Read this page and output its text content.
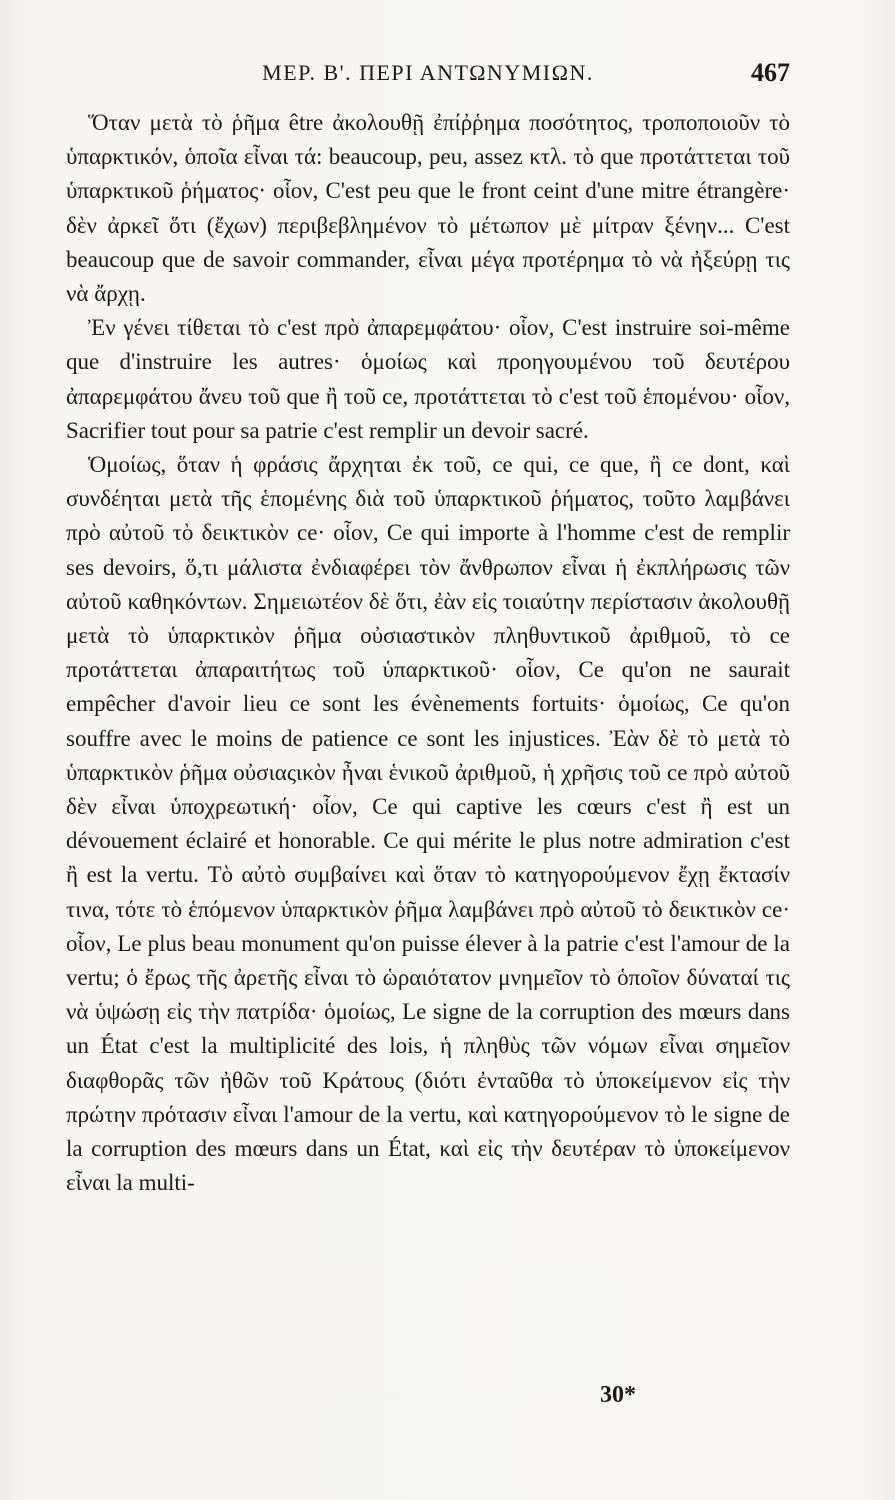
ΜΕΡ. Β'. ΠΕΡΙ ΑΝΤΩΝΥΜΙΩΝ.	467

Ὅταν μετὰ τὸ ῥῆμα être ἀκολουθῇ ἐπίῤῥημα ποσότητος, τροποποιοῦν τὸ ὑπαρκτικόν, ὁποῖα εἶναι τά: beaucoup, peu, assez κτλ. τὸ que προτάττεται τοῦ ὑπαρκτικοῦ ῥήματος· οἷον, C'est peu que le front ceint d'une mitre étrangère· δὲν ἀρκεῖ ὅτι (ἔχων) περιβεβλημένον τὸ μέτωπον μὲ μίτραν ξένην... C'est beaucoup que de savoir commander, εἶναι μέγα προτέρημα τὸ νὰ ἠξεύρῃ τις νὰ ἄρχῃ.

Ἐν γένει τίθεται τὸ c'est πρὸ ἀπαρεμφάτου· οἷον, C'est instruire soi-même que d'instruire les autres· ὁμοίως καὶ προηγουμένου τοῦ δευτέρου ἀπαρεμφάτου ἄνευ τοῦ que ἢ τοῦ ce, προτάττεται τὸ c'est τοῦ ἑπομένου· οἷον, Sacrifier tout pour sa patrie c'est remplir un devoir sacré.

Ὁμοίως, ὅταν ἡ φράσις ἄρχηται ἐκ τοῦ, ce qui, ce que, ἢ ce dont, καὶ συνδέηται μετὰ τῆς ἑπομένης διὰ τοῦ ὑπαρκτικοῦ ῥήματος, τοῦτο λαμβάνει πρὸ αὐτοῦ τὸ δεικτικὸν ce· οἷον, Ce qui importe à l'homme c'est de remplir ses devoirs, ὅ,τι μάλιστα ἐνδιαφέρει τὸν ἄνθρωπον εἶναι ἡ ἐκπλήρωσις τῶν αὐτοῦ καθηκόντων. Σημειωτέον δὲ ὅτι, ἐὰν εἰς τοιαύτην περίστασιν ἀκολουθῇ μετὰ τὸ ὑπαρκτικὸν ῥῆμα οὐσιαστικὸν πληθυντικοῦ ἀριθμοῦ, τὸ ce προτάττεται ἀπαραιτήτως τοῦ ὑπαρκτικοῦ· οἷον, Ce qu'on ne saurait empêcher d'avoir lieu ce sont les évènements fortuits· ὁμοίως, Ce qu'on souffre avec le moins de patience ce sont les injustices. Ἐὰν δὲ τὸ μετὰ τὸ ὑπαρκτικὸν ῥῆμα οὐσιαςικὸν ἦναι ἑνικοῦ ἀριθμοῦ, ἡ χρῆσις τοῦ ce πρὸ αὐτοῦ δὲν εἶναι ὑποχρεωτική· οἷον, Ce qui captive les cœurs c'est ἢ est un dévouement éclairé et honorable. Ce qui mérite le plus notre admiration c'est ἢ est la vertu. Τὸ αὐτὸ συμβαίνει καὶ ὅταν τὸ κατηγορούμενον ἔχῃ ἔκτασίν τινα, τότε τὸ ἑπόμενον ὑπαρκτικὸν ῥῆμα λαμβάνει πρὸ αὐτοῦ τὸ δεικτικὸν ce· οἷον, Le plus beau monument qu'on puisse élever à la patrie c'est l'amour de la vertu; ὁ ἔρως τῆς ἀρετῆς εἶναι τὸ ὡραιότατον μνημεῖον τὸ ὁποῖον δύναταί τις νὰ ὑψώσῃ εἰς τὴν πατρίδα· ὁμοίως, Le signe de la corruption des mœurs dans un État c'est la multiplicité des lois, ἡ πληθὺς τῶν νόμων εἶναι σημεῖον διαφθορᾶς τῶν ἠθῶν τοῦ Κράτους (διότι ἐνταῦθα τὸ ὑποκείμενον εἰς τὴν πρώτην πρότασιν εἶναι l'amour de la vertu, καὶ κατηγορούμενον τὸ le signe de la corruption des mœurs dans un État, καὶ εἰς τὴν δευτέραν τὸ ὑποκείμενον εἶναι la multi-

30*
